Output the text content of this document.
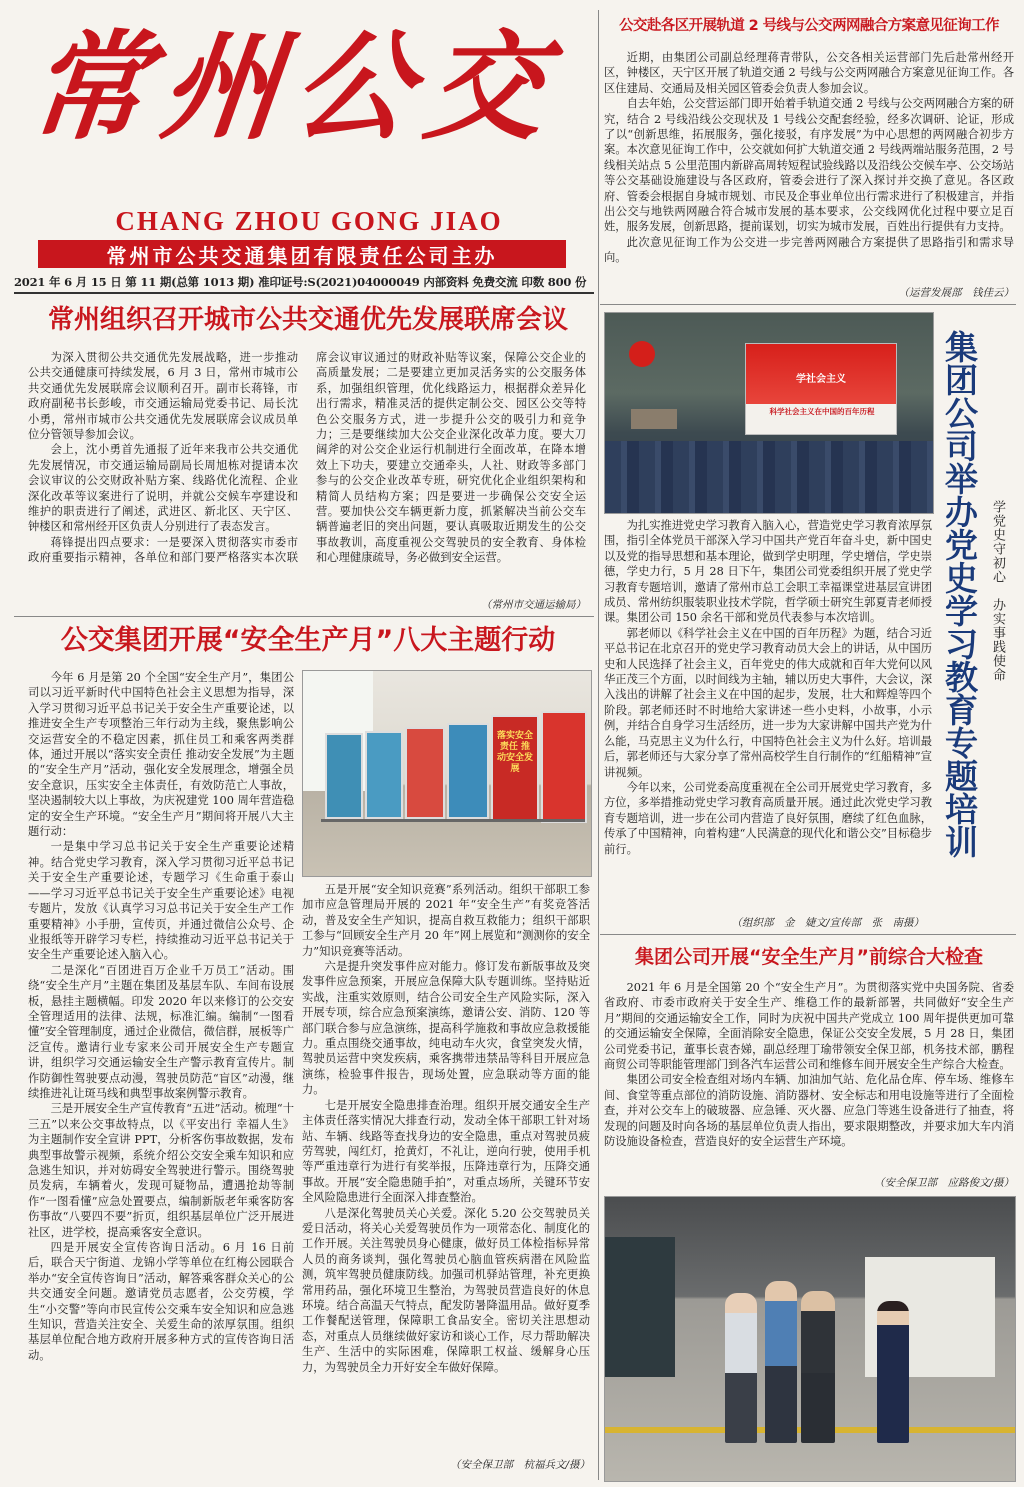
常州公交
CHANG ZHOU GONG JIAO
常州市公共交通集团有限责任公司主办
2021 年 6 月 15 日 第 11 期(总第 1013 期) 准印证号:S(2021)04000049 内部资料 免费交流 印数 800 份
常州组织召开城市公共交通优先发展联席会议

为深入贯彻公共交通优先发展战略，进一步推动公共交通健康可持续发展，6 月 3 日，常州市城市公共交通优先发展联席会议顺利召开。副市长蒋锋，市政府副秘书长彭峻，市交通运输局党委书记、局长沈小勇，常州市城市公共交通优先发展联席会议成员单位分管领导参加会议。

会上，沈小勇首先通报了近年来我市公共交通优先发展情况，市交通运输局副局长周旭栋对提请本次会议审议的公交财政补贴方案、线路优化流程、企业深化改革等议案进行了说明，并就公交候车亭建设和维护的职责进行了阐述，武进区、新北区、天宁区、钟楼区和常州经开区负责人分别进行了表态发言。

蒋锋提出四点要求：一是要深入贯彻落实市委市政府重要指示精神，各单位和部门要严格落实本次联席会议审议通过的财政补贴等议案，保障公交企业的高质量发展；二是要建立更加灵活务实的公交服务体系，加强组织管理，优化线路运力，根据群众差异化出行需求，精准灵活的提供定制公交、园区公交等特色公交服务方式，进一步提升公交的吸引力和竞争力；三是要继续加大公交企业深化改革力度。要大刀阔斧的对公交企业运行机制进行全面改革，在降本增效上下功夫，要建立交通牵头，人社、财政等多部门参与的公交企业改革专班，研究优化企业组织架构和精简人员结构方案；四是要进一步确保公交安全运营。要加快公交车辆更新力度，抓紧解决当前公交车辆普遍老旧的突出问题，要认真吸取近期发生的公交事故教训，高度重视公交驾驶员的安全教育、身体检和心理健康疏导，务必做到安全运营。

（常州市交通运输局）
公交集团开展“安全生产月”八大主题行动
落实安全责任 推动安全发展

今年 6 月是第 20 个全国“安全生产月”，集团公司以习近平新时代中国特色社会主义思想为指导，深入学习贯彻习近平总书记关于安全生产重要论述，以推进安全生产专项整治三年行动为主线，聚焦影响公交运营安全的不稳定因素，抓住员工和乘客两类群体，通过开展以“落实安全责任 推动安全发展”为主题的“安全生产月”活动，强化安全发展理念，增强全员安全意识，压实安全主体责任，有效防范亡人事故，坚决遏制较大以上事故，为庆祝建党 100 周年营造稳定的安全生产环境。“安全生产月”期间将开展八大主题行动：

一是集中学习总书记关于安全生产重要论述精神。结合党史学习教育，深入学习贯彻习近平总书记关于安全生产重要论述，专题学习《生命重于泰山——学习习近平总书记关于安全生产重要论述》电视专题片，发放《认真学习习总书记关于安全生产工作重要精神》小手册，宣传页，并通过微信公众号、企业报纸等开辟学习专栏，持续推动习近平总书记关于安全生产重要论述入脑入心。

二是深化“百团进百万企业千万员工”活动。围绕“安全生产月”主题在集团及基层车队、车间布设展板，悬挂主题横幅。印发 2020 年以来修订的公交安全管理适用的法律、法规，标准汇编。编制“一图看懂”安全管理制度，通过企业微信，微信群，展板等广泛宣传。邀请行业专家来公司开展安全生产专题宣讲，组织学习交通运输安全生产警示教育宣传片。制作防御性驾驶要点动漫，驾驶员防范“盲区”动漫，继续推进礼让斑马线和典型事故案例警示教育。

三是开展安全生产宣传教育“五进”活动。梳理“十三五”以来公交事故特点，以《平安出行 幸福人生》为主题制作安全宣讲 PPT，分析客伤事故数据，发布典型事故警示视频，系统介绍公交安全乘车知识和应急逃生知识，并对妨碍安全驾驶进行警示。围绕驾驶员发病，车辆着火，发现可疑物品，遭遇抢劫等制作“一图看懂”应急处置要点，编制新版老年乘客防客伤事故“八要四不要”折页，组织基层单位广泛开展进社区，进学校，提高乘客安全意识。

四是开展安全宣传咨询日活动。6 月 16 日前后，联合天宁街道、龙锦小学等单位在红梅公园联合举办“安全宣传咨询日”活动，解答乘客群众关心的公共交通安全问题。邀请党员志愿者，公交劳模，学生“小交警”等向市民宣传公交乘车安全知识和应急逃生知识，营造关注安全、关爱生命的浓厚氛围。组织基层单位配合地方政府开展多种方式的宣传咨询日活动。

五是开展“安全知识竞赛”系列活动。组织干部职工参加市应急管理局开展的 2021 年“安全生产”有奖竞答活动，普及安全生产知识，提高自救互救能力；组织干部职工参与“回顾安全生产月 20 年”网上展览和“测测你的安全力”知识竞赛等活动。

六是提升突发事件应对能力。修订发布新版事故及突发事件应急预案，开展应急保障大队专题训练。坚持贴近实战，注重实效原则，结合公司安全生产风险实际，深入开展专项，综合应急预案演练，邀请公安、消防、120 等部门联合参与应急演练，提高科学施救和事故应急救援能力。重点围绕交通事故，纯电动车火灾，食堂突发火情，驾驶员运营中突发疾病，乘客携带违禁品等科目开展应急演练，检验事件报告，现场处置，应急联动等方面的能力。

七是开展安全隐患排查治理。组织开展交通安全生产主体责任落实情况大排查行动，发动全体干部职工针对场站、车辆、线路等查找身边的安全隐患，重点对驾驶员疲劳驾驶，闯红灯，抢黄灯，不礼让，逆向行驶，使用手机等严重违章行为进行有奖举报，压降违章行为，压降交通事故。开展“安全隐患随手拍”，对重点场所，关键环节安全风险隐患进行全面深入排查整治。

八是深化驾驶员关心关爱。深化 5.20 公交驾驶员关爱日活动，将关心关爱驾驶员作为一项常态化、制度化的工作开展。关注驾驶员身心健康，做好员工体检指标异常人员的商务谈判，强化驾驶员心脑血管疾病潜在风险监测，筑牢驾驶员健康防线。加强司机驿站管理，补充更换常用药品，强化环境卫生整治，为驾驶员营造良好的休息环境。结合高温天气特点，配发防暑降温用品。做好夏季工作餐配送管理，保障职工食品安全。密切关注思想动态，对重点人员继续做好家访和谈心工作，尽力帮助解决生产、生活中的实际困难，保障职工权益、缓解身心压力，为驾驶员全力开好安全车做好保障。

（安全保卫部　杭福兵文/摄）
公交赴各区开展轨道 2 号线与公交两网融合方案意见征询工作

近期，由集团公司副总经理蒋青带队，公交各相关运营部门先后赴常州经开区，钟楼区，天宁区开展了轨道交通 2 号线与公交两网融合方案意见征询工作。各区住建局、交通局及相关园区管委会负责人参加会议。

自去年始，公交营运部门即开始着手轨道交通 2 号线与公交两网融合方案的研究，结合 2 号线沿线公交现状及 1 号线公交配套经验，经多次调研、论证，形成了以“创新思维，拓展服务，强化接驳，有序发展”为中心思想的两网融合初步方案。本次意见征询工作中，公交就如何扩大轨道交通 2 号线两端站服务范围，2 号线相关站点 5 公里范围内新辟高周转短程试验线路以及沿线公交候车亭、公交场站等公交基础设施建设与各区政府，管委会进行了深入探讨并交换了意见。各区政府、管委会根据自身城市规划、市民及企事业单位出行需求进行了积极建言，并指出公交与地铁两网融合符合城市发展的基本要求，公交线网优化过程中要立足百姓，服务发展，创新思路，提前谋划，切实为城市发展，百姓出行提供有力支持。

此次意见征询工作为公交进一步完善两网融合方案提供了思路指引和需求导向。

（运营发展部　钱佳云）
学社会主义
科学社会主义在中国的百年历程	集团公司举办党史学习教育专题培训 学党史守初心　办实事践使命

为扎实推进党史学习教育入脑入心，营造党史学习教育浓厚氛围，指引全体党员干部深入学习中国共产党百年奋斗史，新中国史以及党的指导思想和基本理论，做到学史明理，学史增信，学史崇德，学史力行，5 月 28 日下午，集团公司党委组织开展了党史学习教育专题培训，邀请了常州市总工会职工幸福课堂进基层宣讲团成员、常州纺织服装职业技术学院，哲学硕士研究生郭夏青老师授课。集团公司 150 余名干部和党员代表参与本次培训。

郭老师以《科学社会主义在中国的百年历程》为题，结合习近平总书记在北京召开的党史学习教育动员大会上的讲话，从中国历史和人民选择了社会主义，百年党史的伟大成就和百年大党何以风华正茂三个方面，以时间线为主轴，辅以历史大事件，大会议，深入浅出的讲解了社会主义在中国的起步，发展，壮大和辉煌等四个阶段。郭老师还时不时地给大家讲述一些小史料，小故事，小示例，并结合自身学习生活经历，进一步为大家讲解中国共产党为什么能，马克思主义为什么行，中国特色社会主义为什么好。培训最后，郭老师还与大家分享了常州高校学生自行制作的“红船精神”宣讲视频。

今年以来，公司党委高度重视在全公司开展党史学习教育，多方位，多举措推动党史学习教育高质量开展。通过此次党史学习教育专题培训，进一步在公司内营造了良好氛围，磨续了红色血脉，传承了中国精神，向着构建“人民满意的现代化和谐公交”目标稳步前行。

（组织部　金　婕文/宣传部　张　南摄）
集团公司开展“安全生产月”前综合大检查

2021 年 6 月是全国第 20 个“安全生产月”。为贯彻落实党中央国务院、省委省政府、市委市政府关于安全生产、维稳工作的最新部署，共同做好“安全生产月”期间的交通运输安全工作，同时为庆祝中国共产党成立 100 周年提供更加可靠的交通运输安全保障，全面消除安全隐患，保证公交安全发展，5 月 28 日，集团公司党委书记，董事长袁杏娣，副总经理丁瑜带领安全保卫部，机务技术部，鹏程商贸公司等职能管理部门到各汽车运营公司和维修车间开展安全生产综合大检查。

集团公司安全检查组对场内车辆、加油加气站、危化品仓库、停车场、维修车间、食堂等重点部位的消防设施、消防器材、安全标志和用电设施等进行了全面检查，并对公交车上的破玻器、应急锤、灭火器、应急门等逃生设备进行了抽查，将发现的问题及时向各场的基层单位负责人指出，要求限期整改，并要求加大车内消防设施设备检查，营造良好的安全运营生产环境。

（安全保卫部　应路俊文/摄）
